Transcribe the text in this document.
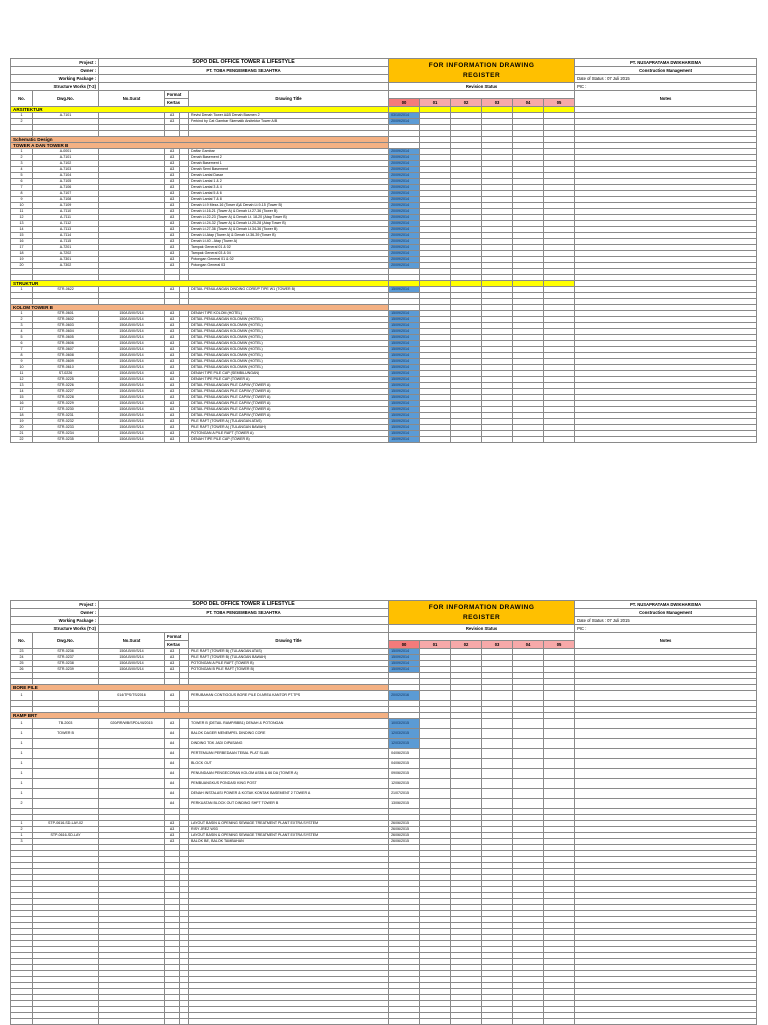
Project :		SOPO DEL OFFICE TOWER & LIFESTYLE				FOR INFORMATION DRAWING
REGISTER						PT. NUSAPRATAMA DWIKHARISMA
Owner :		PT. TOBA PENGEMBANG SEJAHTRA										Construction Management
Working Package :												Date of Status : 07 Juli 2015
Structure Works (T-2)						Revision Status						PIC :
No.	Dwg.No.	No.Surat	Format		Drawing Title							Notes
			Kertas			00	01	02	03	04	05	
ARSITEKTUR												
1	A-7101		A3		Revisi Denah Tower A&B Denah Basmen 2	03/10/2014						
2			A3		Ferkind by Cat Gambar Skematik Arsitektur Tower A/B	20/09/2014						

Schematic Design												
TOWER A DAN TOWER B												
1	A-0001		A3		Daftar Gambar	20/09/2014						
2	A-7101		A3		Denah Basement 2	20/09/2014						
3	A-7102		A3		Denah Basement 1	20/09/2014						
4	A-7103		A3		Denah Semi Basement	20/09/2014						
5	A-7104		A3		Denah Lantai Dasar	20/09/2014						
6	A-7105		A3		Denah Lantai 1 & 2	20/09/2014						
7	A-7106		A3		Denah Lantai 3 & 4	20/09/2014						
8	A-7107		A3		Denah Lantai 5 & 6	20/09/2014						
9	A-7108		A3		Denah Lantai 7 & 8	20/09/2014						
10	A-7109		A3		Denah Lt.9 Mezz-16 (Tower A)& Denah Lt.9-15 (Tower B)	20/09/2014						
11	A-7110		A3		Denah Lt.16-21 (Tower A) & Denah Lt.27-36 (Tower B)	20/09/2014						
12	A-7111		A3		Denah Lt.22-23 (Tower A) & Denah Lt. 18-20 (Atap Tower B)	20/09/2014						
13	A-7112		A3		Denah Lt.24-32 (Tower A) & Denah Lt.20-28 (Atap Tower B)	20/09/2014						
14	A-7113		A3		Denah Lt.27-36 (Tower A) & Denah Lt.34-36 (Tower B)	20/09/2014						
15	A-7114		A3		Denah Lt.Atap (Tower A) & Denah Lt.36-39 (Tower B)	20/09/2014						
16	A-7115		A3		Denah Lt.40 - Atap (Tower A)	20/09/2014						
17	A-7201		A3		Tampak General 01 & 02	20/09/2014						
18	A-7202		A3		Tampak General 03 & 04	20/09/2014						
19	A-7301		A3		Potongan General 01 & 02	20/09/2014						
20	A-7302		A3		Potongan General 03	20/09/2014						

STRUKTUR												
1	STR-0622		A3		DETAIL PENULANGAN DINDING CORE/P TIPE W1 (TOWER B)	15/09/2014						

KOLOM TOWER B												
1	STR-0601	150/LB/IX/S/14	A3		DENAH TIPE KOLOM (HOTEL)	15/09/2014						
2	STR-0602	150/LB/IX/S/14	A3		DETAIL PENULANGAN KOLOM/W (HOTEL)	15/09/2014						
3	STR-0603	150/LB/IX/S/14	A3		DETAIL PENULANGAN KOLOM/W (HOTEL)	15/09/2014						
4	STR-0604	150/LB/IX/S/14	A3		DETAIL PENULANGAN KOLOM/W (HOTEL)	15/09/2014						
5	STR-0605	150/LB/IX/S/14	A3		DETAIL PENULANGAN KOLOM/W (HOTEL)	15/09/2014						
6	STR-0606	150/LB/IX/S/14	A3		DETAIL PENULANGAN KOLOM/W (HOTEL)	15/09/2014						
7	STR-0607	150/LB/IX/S/14	A3		DETAIL PENULANGAN KOLOM/W (HOTEL)	15/09/2014						
8	STR-0608	150/LB/IX/S/14	A3		DETAIL PENULANGAN KOLOM/W (HOTEL)	15/09/2014						
9	STR-0609	150/LB/IX/S/14	A3		DETAIL PENULANGAN KOLOM/W (HOTEL)	15/09/2014						
10	STR-0610	150/LB/IX/S/14	A3		DETAIL PENULANGAN KOLOM/W (HOTEL)	15/09/2014						
11	ST-0226	150/LB/IX/S/14	A3		DENAH TIPE PILE CAP (SEMBILUNGAN)	15/09/2014						
12	STR-0225	150/LB/IX/S/14	A3		DENAH TIPE PILE CAP (TOWER A)	15/09/2014						
13	STR-0226	150/LB/IX/S/14	A3		DETAIL PENULANGAN PILE CAP/W (TOWER A)	15/09/2014						
14	STR-0227	150/LB/IX/S/14	A3		DETAIL PENULANGAN PILE CAP/W (TOWER A)	15/09/2014						
15	STR-0228	150/LB/IX/S/14	A3		DETAIL PENULANGAN PILE CAP/W (TOWER A)	15/09/2014						
16	STR-0229	150/LB/IX/S/14	A3		DETAIL PENULANGAN PILE CAP/W (TOWER A)	15/09/2014						
17	STR-0230	150/LB/IX/S/14	A3		DETAIL PENULANGAN PILE CAP/W (TOWER A)	15/09/2014						
18	STR-0231	150/LB/IX/S/14	A3		DETAIL PENULANGAN PILE CAP/W (TOWER A)	15/09/2014						
19	STR-0232	150/LB/IX/S/14	A3		PILE RAFT (TOWER A) (TULANGAN ATAS)	15/09/2014						
20	STR-0233	150/LB/IX/S/14	A3		PILE RAFT (TOWER A) (TULANGAN BAWAH)	15/09/2014						
21	STR-0234	150/LB/IX/S/14	A3		POTONGAN A PILE RAFT (TOWER A)	15/09/2014						
22	STR-0235	150/LB/IX/S/14	A3		DENAH TIPE PILE CAP (TOWER B)	15/09/2014						
Project :		SOPO DEL OFFICE TOWER & LIFESTYLE				FOR INFORMATION DRAWING
REGISTER						PT. NUSAPRATAMA DWIKHARISMA
Owner :		PT. TOBA PENGEMBANG SEJAHTRA										Construction Management
Working Package :												Date of Status : 07 Juli 2015
Structure Works (T-2)						Revision Status						PIC :
No.	Dwg.No.	No.Surat	Format		Drawing Title							Notes
			Kertas			00	01	02	03	04	05	
23	STR-0236	150/LB/IX/S/14	A3		PILE RAFT (TOWER B) (TULANGAN ATAS)	15/09/2014						
24	STR-0237	150/LB/IX/S/14	A3		PILE RAFT (TOWER B) (TULANGAN BAWAH)	15/09/2014						
25	STR-0238	150/LB/IX/S/14	A3		POTONGAN A PILE RAFT (TOWER B)	15/09/2014						
26	STR-0239	150/LB/IX/S/14	A3		POTONGAN B PILE RAFT (TOWER B)	15/09/2014						

BORE PILE												
1		014/TPS/TS/2016	A3		PERUBAHAN CONTIGOUS BORE PILE DI AREA KANTOR PT.TPS	20/02/2016						

RAMP BRT												
1	TB-2003	020/RR/WB/SPDL/III/2015	A3		TOWER B (DETAIL RAMP/BBB1) DENAH & POTONGAN	10/03/2015						
1	TOWER B		A4		BALOK DAGER MENEMPEL DINDING CORE	12/03/2015						
1			A4		DINDING TDK JADI DIPASANG	12/03/2015						
1			A4		PERTEMUAN PERBEDAAN TEBAL PLAT SLAB	04/06/2015						
1			A4		BLOCK OUT	04/06/2015						
1			A4		PENUNDAAN PENGECORAN KOLOM AS56 & 66 DA (TOWER A)	09/06/2015						
1			A4		PEMBUANGKUS PONDASI KING POST	12/06/2015						
1			A4		DENAH INSTALASI POWER & KOTAK KONTAK BASEMENT 2 TOWER A	21/07/2015						
2			A4		PERKUATAN BLOCK OUT DINDING SHFT TOWER B	13/06/2015						

1	STP-0616-SD-LAY-02		A3		LAYOUT BASIN & OPENING SEWAGE TREATMENT PLANT EXTRA SYSTEM	26/06/2015						
2			A3		RISY JREZ W03	26/06/2015						
1	STP-0616-SD-LAY		A3		LAYOUT BASIN & OPENING SEWAGE TREATMENT PLANT EXTRA SYSTEM	26/06/2015						
3			A3		BALOK B8', BALOK TAMBAHAN	26/06/2015						
